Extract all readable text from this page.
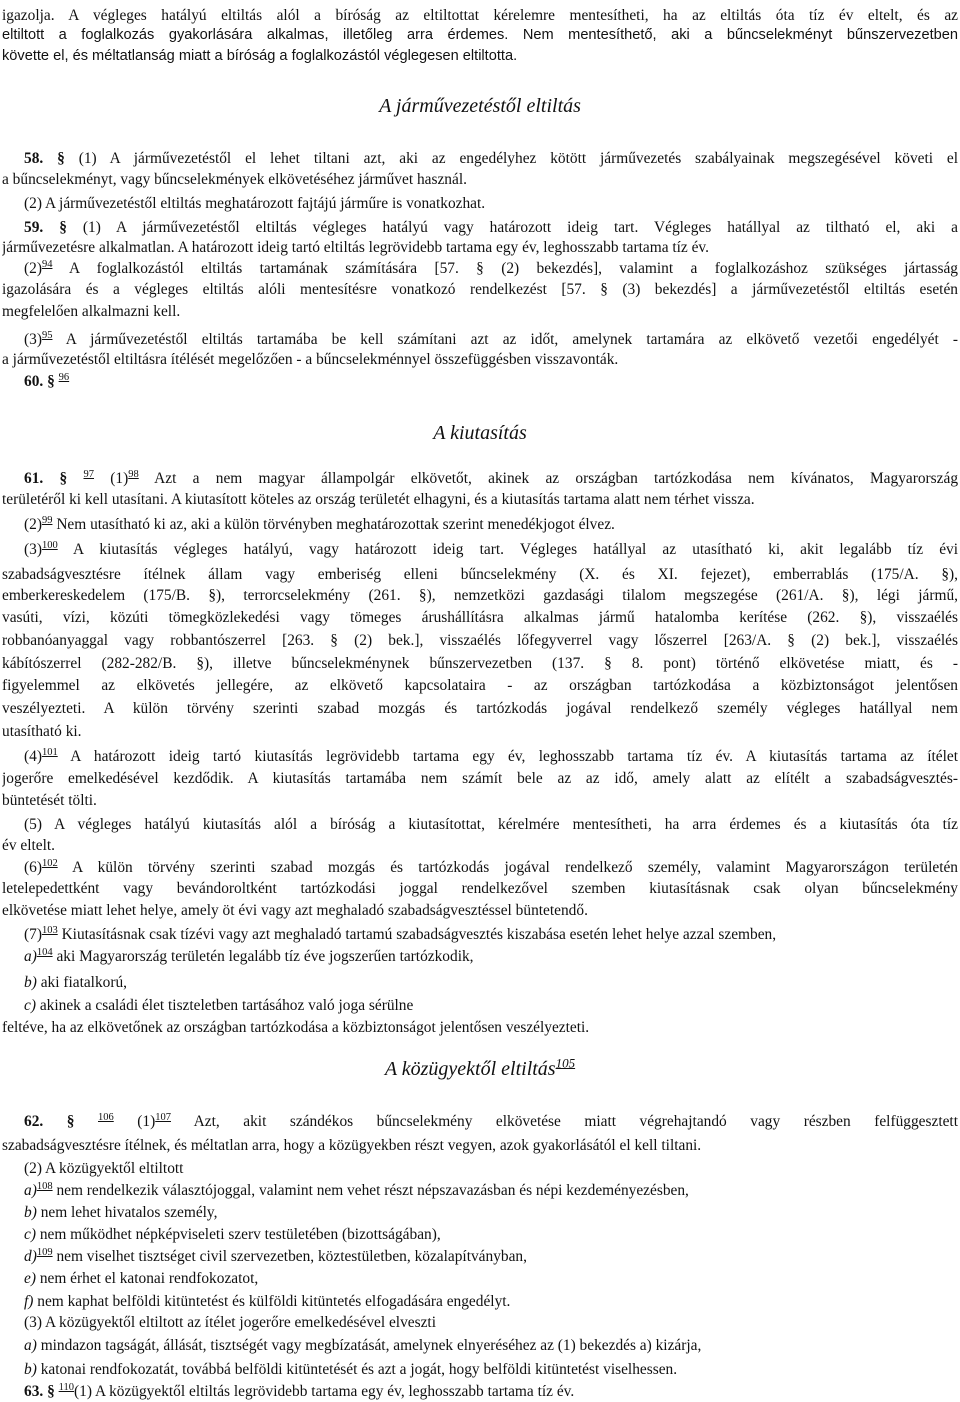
igazolja. A végleges hatályú eltiltás alól a bíróság az eltiltottat kérelemre mentesítheti, ha az eltiltás óta tíz év eltelt, és az
eltiltott a foglalkozás gyakorlására alkalmas, illetőleg arra érdemes. Nem mentesíthető, aki a bűncselekményt bűnszervezetben
követte el, és méltatlanság miatt a bíróság a foglalkozástól véglegesen eltiltotta.
58. § (1) A járművezetéstől el lehet tiltani azt, aki az engedélyhez kötött járművezetés szabályainak megszegésével követi el
a bűncselekményt, vagy bűncselekmények elkövetéséhez járművet használ.
(2) A járművezetéstől eltiltás meghatározott fajtájú járműre is vonatkozhat.
59. § (1) A járművezetéstől eltiltás végleges hatályú vagy határozott ideig tart. Végleges hatállyal az tiltható el, aki a
járművezetésre alkalmatlan. A határozott ideig tartó eltiltás legrövidebb tartama egy év, leghosszabb tartama tíz év.
(2)$^{94}$ A foglalkozástól eltiltás tartamának számítására [57. § (2) bekezdés], valamint a foglalkozáshoz szükséges jártasság
igazolására és a végleges eltiltás alóli mentesítésre vonatkozó rendelkezést [57. § (3) bekezdés] a járművezetéstől eltiltás esetén
megfelelően alkalmazni kell.
(3)$^{95}$ A járművezetéstől eltiltás tartamába be kell számítani azt az időt, amelynek tartamára az elkövető vezetői engedélyét -
a járművezetéstől eltiltásra ítélését megelőzően - a bűncselekménnyel összefüggésben visszavonták.
60. § $^{96}$
61. § $^{97}$ (1)$^{98}$ Azt a nem magyar állampolgár elkövetőt, akinek az országban tartózkodása nem kívánatos, Magyarország
területéről ki kell utasítani. A kiutasított köteles az ország területét elhagyni, és a kiutasítás tartama alatt nem térhet vissza.
(2)$^{99}$ Nem utasítható ki az, aki a külön törvényben meghatározottak szerint menedékjogot élvez.
(3)$^{100}$ A kiutasítás végleges hatályú, vagy határozott ideig tart. Végleges hatállyal az utasítható ki, akit legalább tíz évi
szabadságvesztésre ítélnek állam vagy emberiség elleni bűncselekmény (X. és XI. fejezet), emberrablás (175/A. §),
emberkereskedelem (175/B. §), terrorcselekmény (261. §), nemzetközi gazdasági tilalom megszegése (261/A. §), légi jármű,
vasúti, vízi, közúti tömegközlekedési vagy tömeges árushállításra alkalmas jármű hatalomba kerítése (262. §), visszaélés
robbanóanyaggal vagy robbantószerrel [263. § (2) bek.], visszaélés lőfegyverrel vagy lőszerrel [263/A. § (2) bek.], visszaélés
kábítószerrel (282-282/B. §), illetve bűncselekménynek bűnszervezetben (137. § 8. pont) történő elkövetése miatt, és -
figyelemmel az elkövetés jellegére, az elkövető kapcsolataira - az országban tartózkodása a közbiztonságot jelentősen
veszélyezteti. A külön törvény szerinti szabad mozgás és tartózkodás jogával rendelkező személy végleges hatállyal nem
utasítható ki.
(4)$^{101}$ A határozott ideig tartó kiutasítás legrövidebb tartama egy év, leghosszabb tartama tíz év. A kiutasítás tartama az ítélet
jogerőre emelkedésével kezdődik. A kiutasítás tartamába nem számít bele az az idő, amely alatt az elítélt a szabadságvesztés-
büntetését tölti.
(5) A végleges hatályú kiutasítás alól a bíróság a kiutasítottat, kérelmére mentesítheti, ha arra érdemes és a kiutasítás óta tíz
év eltelt.
(6)$^{102}$ A külön törvény szerinti szabad mozgás és tartózkodás jogával rendelkező személy, valamint Magyarországon területén
letelepedettként vagy bevándoroltként tartózkodási joggal rendelkezővel szemben kiutasításnak csak olyan bűncselekmény
elkövetése miatt lehet helye, amely öt évi vagy azt meghaladó szabadságvesztéssel büntetendő.
(7)$^{103}$ Kiutasításnak csak tízévi vagy azt meghaladó tartamú szabadságvesztés kiszabása esetén lehet helye azzal szemben,
a)$^{104}$ aki Magyarország területén legalább tíz éve jogszerűen tartózkodik,
b) aki fiatalkorú,
c) akinek a családi élet tiszteletben tartásához való joga sérülne
feltéve, ha az elkövetőnek az országban tartózkodása a közbiztonságot jelentősen veszélyezteti.
62. § $^{106}$ (1)$^{107}$ Azt, akit szándékos bűncselekmény elkövetése miatt végrehajtandó vagy részben felfüggesztett
szabadságvesztésre ítélnek, és méltatlan arra, hogy a közügyekben részt vegyen, azok gyakorlásától el kell tiltani.
(2) A közügyektől eltiltott
a)$^{108}$ nem rendelkezik választójoggal, valamint nem vehet részt népszavazásban és népi kezdeményezésben,
b) nem lehet hivatalos személy,
c) nem működhet népképviseleti szerv testületében (bizottságában),
d)$^{109}$ nem viselhet tisztséget civil szervezetben, köztestületben, közalapítványban,
e) nem érhet el katonai rendfokozatot,
f) nem kaphat belföldi kitüntetést és külföldi kitüntetés elfogadására engedélyt.
(3) A közügyektől eltiltott az ítélet jogerőre emelkedésével elveszti
a) mindazon tagságát, állását, tisztségét vagy megbízatását, amelynek elnyeréséhez az (1) bekezdés a) kizárja,
b) katonai rendfokozatát, továbbá belföldi kitüntetését és azt a jogát, hogy belföldi kitüntetést viselhessen.
63. § $^{110}$(1) A közügyektől eltiltás legrövidebb tartama egy év, leghosszabb tartama tíz év.
A járművezetéstől eltiltás
A kiutasítás
A közügyektől eltiltás$^{105}$
